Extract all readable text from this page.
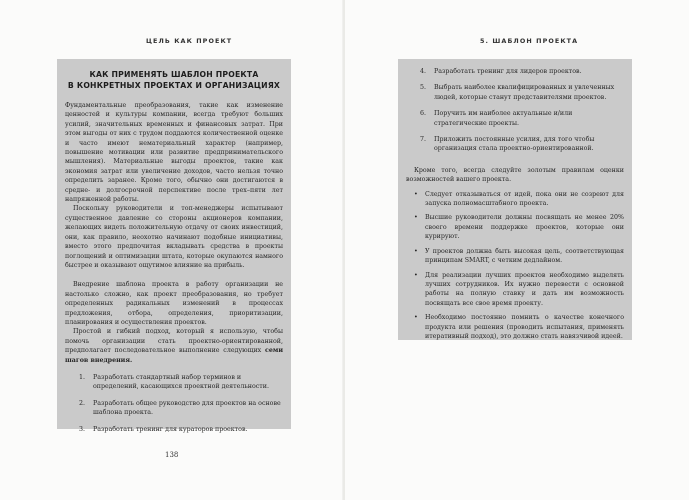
ЦЕЛЬ КАК ПРОЕКТ
КАК ПРИМЕНЯТЬ ШАБЛОН ПРОЕКТА
В КОНКРЕТНЫХ ПРОЕКТАХ И ОРГАНИЗАЦИЯХ

Фундаментальные преобразования, такие как изменение ценностей и культуры компании, всегда требуют больших усилий, значительных временных и финансовых затрат. При этом выгоды от них с трудом поддаются количественной оценке и часто имеют нематериальный характер (например, повышение мотивации или развитие предпринимательского мышления). Материальные выгоды проектов, такие как экономия затрат или увеличение доходов, часто нельзя точно определить заранее. Кроме того, обычно они достигаются в средне- и долгосрочной перспективе после трех–пяти лет напряженной работы.

Поскольку руководители и топ-менеджеры испытывают существенное давление со стороны акционеров компании, желающих видеть положительную отдачу от своих инвестиций, они, как правило, неохотно начинают подобные инициативы, вместо этого предпочитая вкладывать средства в проекты поглощений и оптимизации штата, которые окупаются намного быстрее и оказывают ощутимое влияние на прибыль.

Внедрение шаблона проекта в работу организации не настолько сложно, как проект преобразования, но требует определенных радикальных изменений в процессах предложения, отбора, определения, приоритизации, планирования и осуществления проектов.

Простой и гибкий подход, который я использую, чтобы помочь организации стать проектно-ориентированной, предполагает последовательное выполнение следующих семи шагов внедрения.

1. Разработать стандартный набор терминов и определений, касающихся проектной деятельности.
2. Разработать общее руководство для проектов на основе шаблона проекта.
3. Разработать тренинг для кураторов проектов.
138
5. ШАБЛОН ПРОЕКТА
4. Разработать тренинг для лидеров проектов.
5. Выбрать наиболее квалифицированных и увлеченных людей, которые станут представителями проектов.
6. Поручить им наиболее актуальные и/или стратегические проекты.
7. Приложить постоянные усилия, для того чтобы организация стала проектно-ориентированной.

Кроме того, всегда следуйте золотым правилам оценки возможностей вашего проекта.

• Следует отказываться от идей, пока они не созреют для запуска полномасштабного проекта.
• Высшие руководители должны посвящать не менее 20% своего времени поддержке проектов, которые они курируют.
• У проектов должна быть высокая цель, соответствующая принципам SMART, с четким дедлайном.
• Для реализации лучших проектов необходимо выделять лучших сотрудников. Их нужно перевести с основной работы на полную ставку и дать им возможность посвящать все свое время проекту.
• Необходимо постоянно помнить о качестве конечного продукта или решения (проводить испытания, применять итеративный подход), это должно стать навязчивой идеей.
